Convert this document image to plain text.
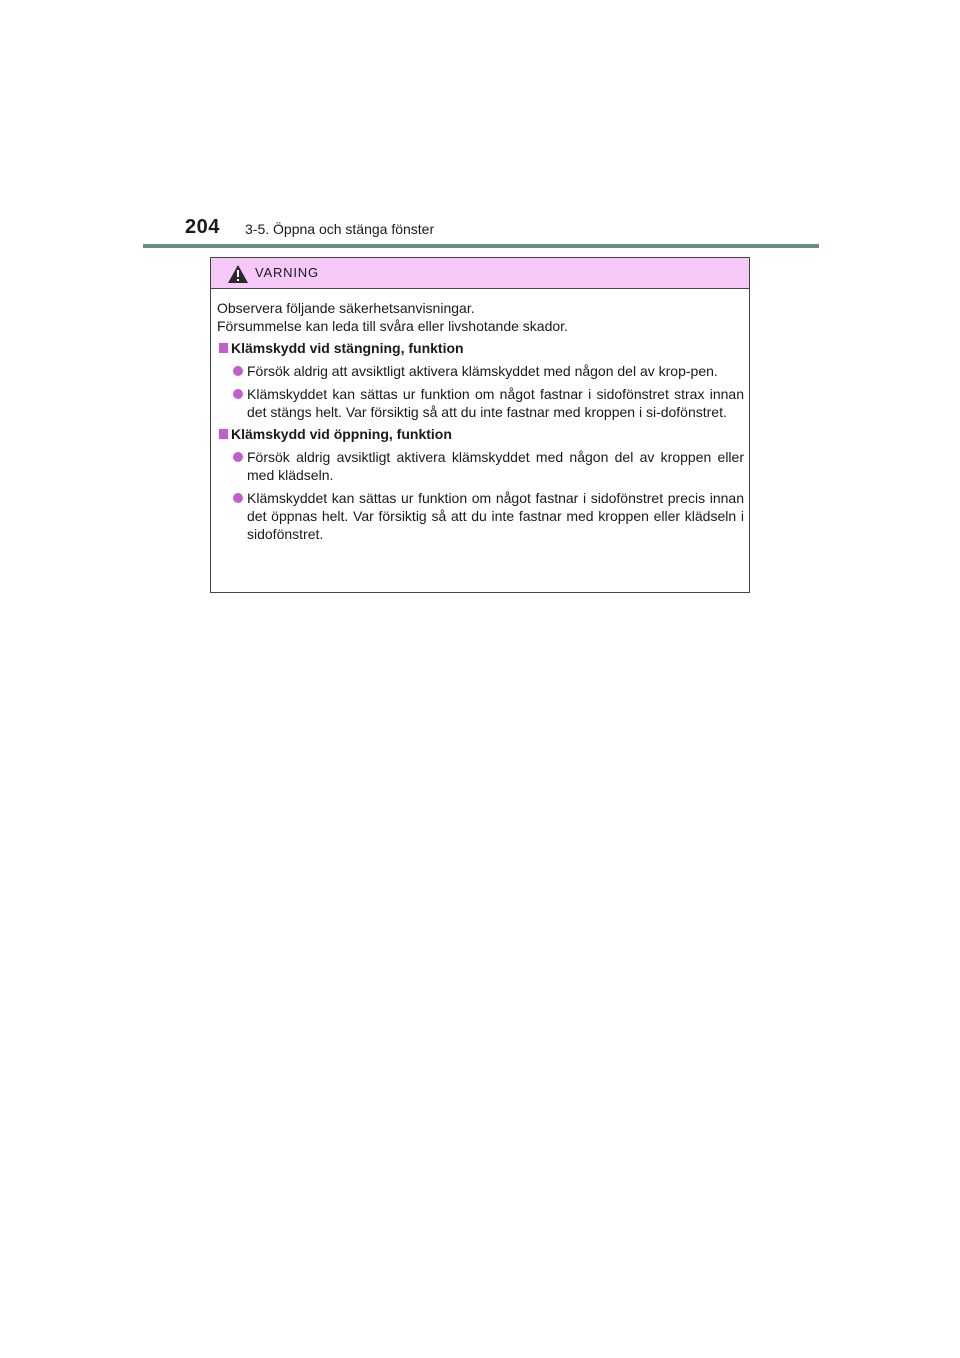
204 3-5. Öppna och stänga fönster
VARNING
Observera följande säkerhetsanvisningar.
Försummelse kan leda till svåra eller livshotande skador.
Klämskydd vid stängning, funktion
Försök aldrig att avsiktligt aktivera klämskyddet med någon del av krop-pen.
Klämskyddet kan sättas ur funktion om något fastnar i sidofönstret strax innan det stängs helt. Var försiktig så att du inte fastnar med kroppen i si-dofönstret.
Klämskydd vid öppning, funktion
Försök aldrig avsiktligt aktivera klämskyddet med någon del av kroppen eller med klädseln.
Klämskyddet kan sättas ur funktion om något fastnar i sidofönstret precis innan det öppnas helt. Var försiktig så att du inte fastnar med kroppen eller klädseln i sidofönstret.
